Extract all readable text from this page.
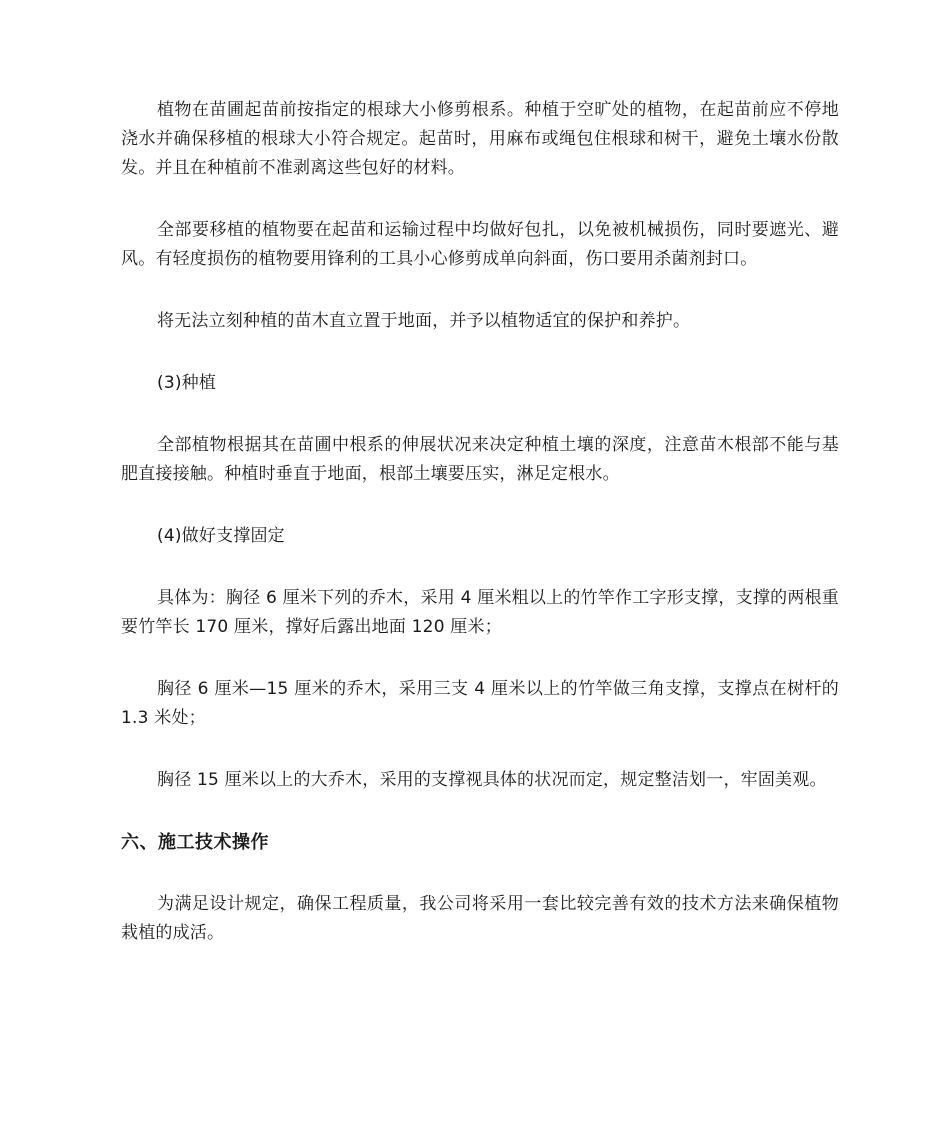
植物在苗圃起苗前按指定的根球大小修剪根系。种植于空旷处的植物，在起苗前应不停地浇水并确保移植的根球大小符合规定。起苗时，用麻布或绳包住根球和树干，避免土壤水份散发。并且在种植前不准剥离这些包好的材料。

全部要移植的植物要在起苗和运输过程中均做好包扎，以免被机械损伤，同时要遮光、避风。有轻度损伤的植物要用锋利的工具小心修剪成单向斜面，伤口要用杀菌剂封口。

将无法立刻种植的苗木直立置于地面，并予以植物适宜的保护和养护。

(3)种植

全部植物根据其在苗圃中根系的伸展状况来决定种植土壤的深度，注意苗木根部不能与基肥直接接触。种植时垂直于地面，根部土壤要压实，淋足定根水。

(4)做好支撑固定

具体为：胸径 6 厘米下列的乔木，采用 4 厘米粗以上的竹竿作工字形支撑，支撑的两根重要竹竿长 170 厘米，撑好后露出地面 120 厘米；

胸径 6 厘米—15 厘米的乔木，采用三支 4 厘米以上的竹竿做三角支撑，支撑点在树杆的 1.3 米处；

胸径 15 厘米以上的大乔木，采用的支撑视具体的状况而定，规定整洁划一，牢固美观。

六、施工技术操作

为满足设计规定，确保工程质量，我公司将采用一套比较完善有效的技术方法来确保植物栽植的成活。
